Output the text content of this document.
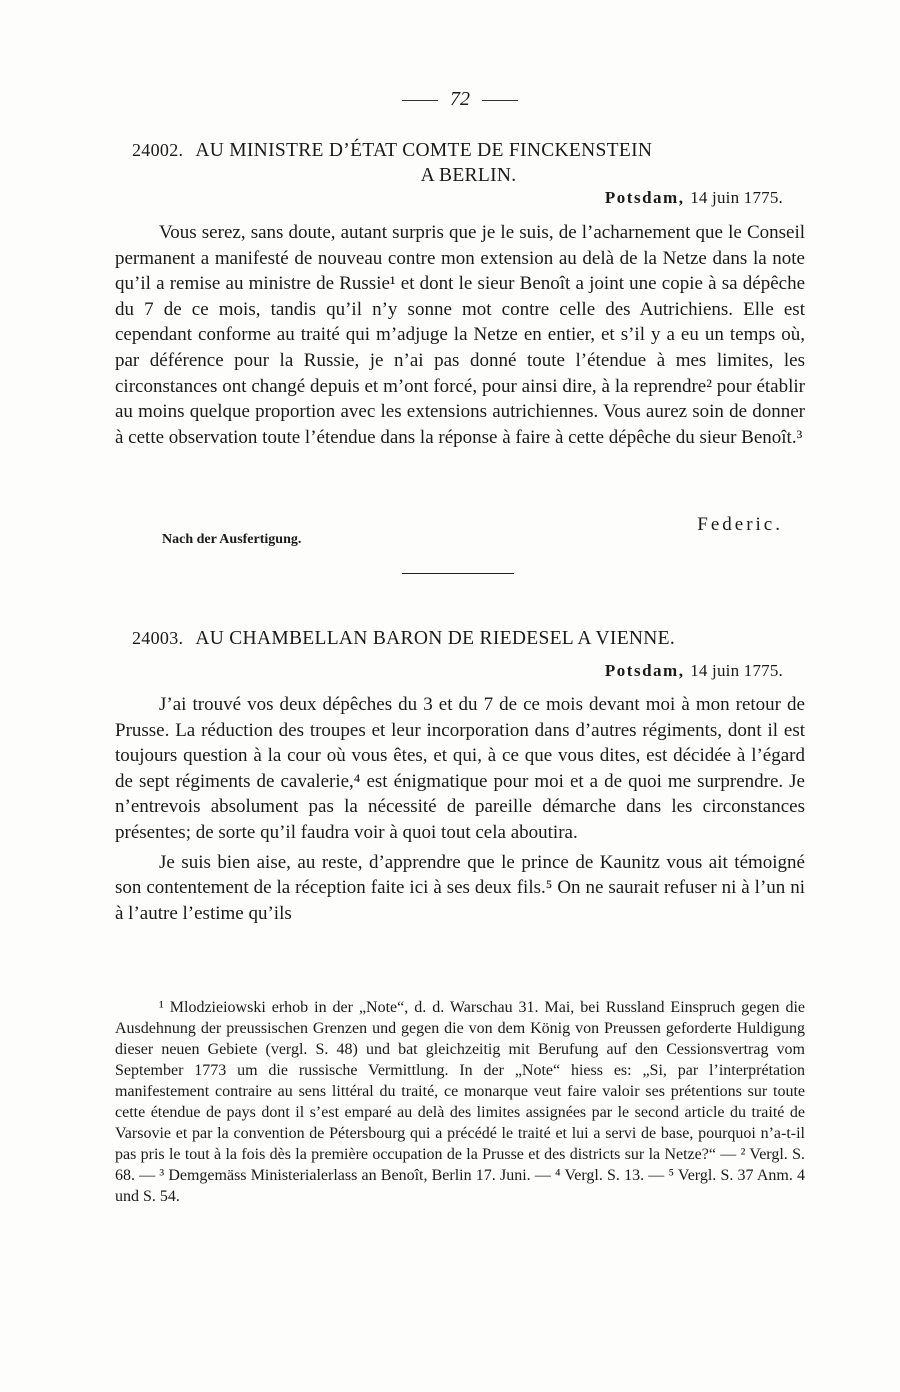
72
24002. AU MINISTRE D’ÉTAT COMTE DE FINCKENSTEIN
A BERLIN.
Potsdam, 14 juin 1775.

Vous serez, sans doute, autant surpris que je le suis, de l’acharnement que le Conseil permanent a manifesté de nouveau contre mon extension au delà de la Netze dans la note qu’il a remise au ministre de Russie¹ et dont le sieur Benoît a joint une copie à sa dépêche du 7 de ce mois, tandis qu’il n’y sonne mot contre celle des Autrichiens. Elle est cependant conforme au traité qui m’adjuge la Netze en entier, et s’il y a eu un temps où, par déférence pour la Russie, je n’ai pas donné toute l’étendue à mes limites, les circonstances ont changé depuis et m’ont forcé, pour ainsi dire, à la reprendre² pour établir au moins quelque proportion avec les extensions autrichiennes. Vous aurez soin de donner à cette observation toute l’étendue dans la réponse à faire à cette dépêche du sieur Benoît.³

Federic.
Nach der Ausfertigung.
24003. AU CHAMBELLAN BARON DE RIEDESEL A VIENNE.
Potsdam, 14 juin 1775.

J’ai trouvé vos deux dépêches du 3 et du 7 de ce mois devant moi à mon retour de Prusse. La réduction des troupes et leur incorporation dans d’autres régiments, dont il est toujours question à la cour où vous êtes, et qui, à ce que vous dites, est décidée à l’égard de sept régiments de cavalerie,⁴ est énigmatique pour moi et a de quoi me surprendre. Je n’entrevois absolument pas la nécessité de pareille démarche dans les circonstances présentes; de sorte qu’il faudra voir à quoi tout cela aboutira.

Je suis bien aise, au reste, d’apprendre que le prince de Kaunitz vous ait témoigné son contentement de la réception faite ici à ses deux fils.⁵ On ne saurait refuser ni à l’un ni à l’autre l’estime qu’ils

¹ Mlodzieiowski erhob in der „Note“, d. d. Warschau 31. Mai, bei Russland Einspruch gegen die Ausdehnung der preussischen Grenzen und gegen die von dem König von Preussen geforderte Huldigung dieser neuen Gebiete (vergl. S. 48) und bat gleichzeitig mit Berufung auf den Cessionsvertrag vom September 1773 um die russische Vermittlung. In der „Note“ hiess es: „Si, par l’interprétation manifestement contraire au sens littéral du traité, ce monarque veut faire valoir ses prétentions sur toute cette étendue de pays dont il s’est emparé au delà des limites assignées par le second article du traité de Varsovie et par la convention de Pétersbourg qui a précédé le traité et lui a servi de base, pourquoi n’a-t-il pas pris le tout à la fois dès la première occupation de la Prusse et des districts sur la Netze?“ — ² Vergl. S. 68. — ³ Demgemäss Ministerialerlass an Benoît, Berlin 17. Juni. — ⁴ Vergl. S. 13. — ⁵ Vergl. S. 37 Anm. 4 und S. 54.
